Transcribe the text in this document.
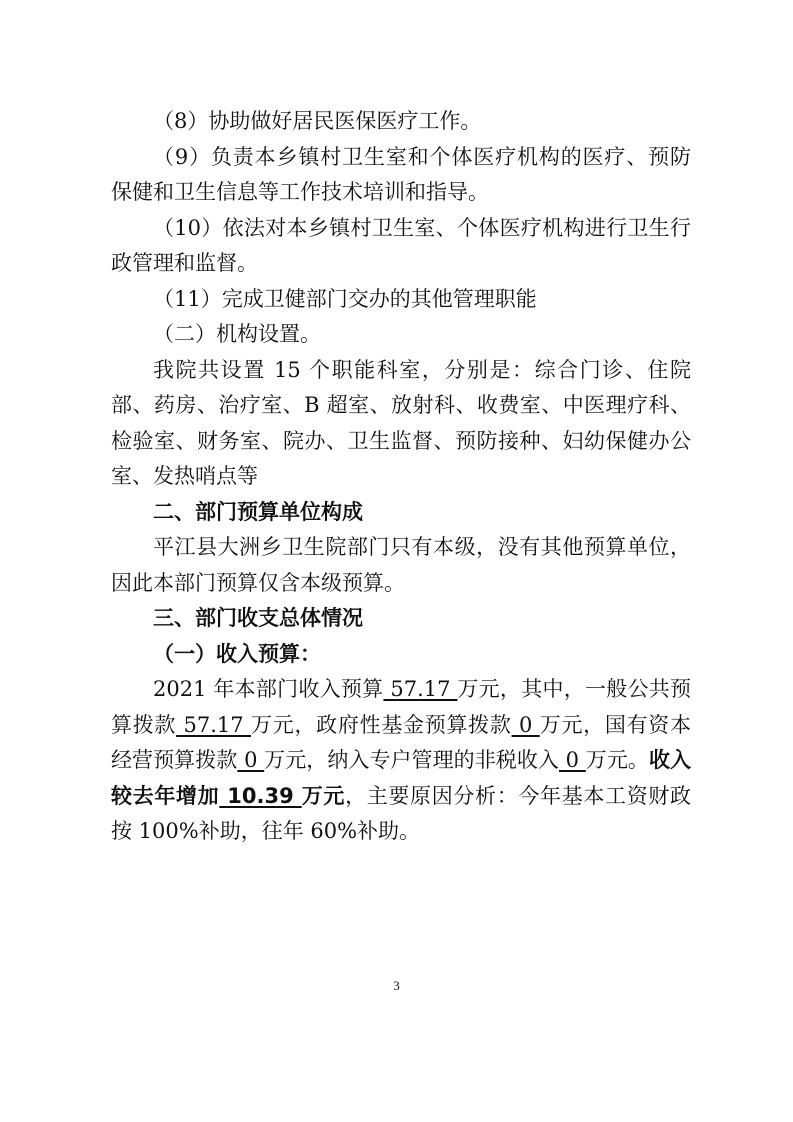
（8）协助做好居民医保医疗工作。

（9）负责本乡镇村卫生室和个体医疗机构的医疗、预防保健和卫生信息等工作技术培训和指导。

（10）依法对本乡镇村卫生室、个体医疗机构进行卫生行政管理和监督。

（11）完成卫健部门交办的其他管理职能

（二）机构设置。

我院共设置 15 个职能科室，分别是：综合门诊、住院部、药房、治疗室、B 超室、放射科、收费室、中医理疗科、检验室、财务室、院办、卫生监督、预防接种、妇幼保健办公室、发热哨点等

二、部门预算单位构成

平江县大洲乡卫生院部门只有本级，没有其他预算单位，因此本部门预算仅含本级预算。

三、部门收支总体情况

（一）收入预算：

2021 年本部门收入预算 57.17 万元，其中，一般公共预算拨款 57.17 万元，政府性基金预算拨款 0 万元，国有资本经营预算拨款 0 万元，纳入专户管理的非税收入 0 万元。收入较去年增加 10.39 万元，主要原因分析：今年基本工资财政按 100%补助，往年 60%补助。

3
